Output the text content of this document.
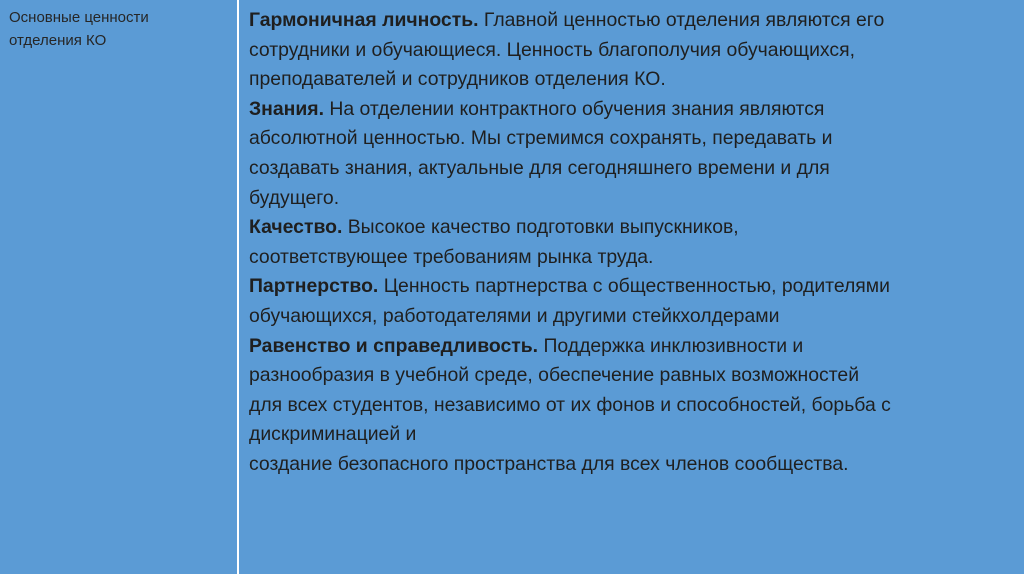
Основные ценности
отделения КО

Гармоничная личность. Главной ценностью отделения являются его
сотрудники и обучающиеся. Ценность благополучия обучающихся,
преподавателей и сотрудников отделения КО.

Знания. На отделении контрактного обучения знания являются
абсолютной ценностью. Мы стремимся сохранять, передавать и
создавать знания, актуальные для сегодняшнего времени и для
будущего.

Качество. Высокое качество подготовки выпускников,
соответствующее требованиям рынка труда.

Партнерство. Ценность партнерства с общественностью, родителями
обучающихся, работодателями и другими стейкхолдерами

Равенство и справедливость. Поддержка инклюзивности и
разнообразия в учебной среде, обеспечение равных возможностей
для всех студентов, независимо от их фонов и способностей, борьба с
дискриминацией и
создание безопасного пространства для всех членов сообщества.
